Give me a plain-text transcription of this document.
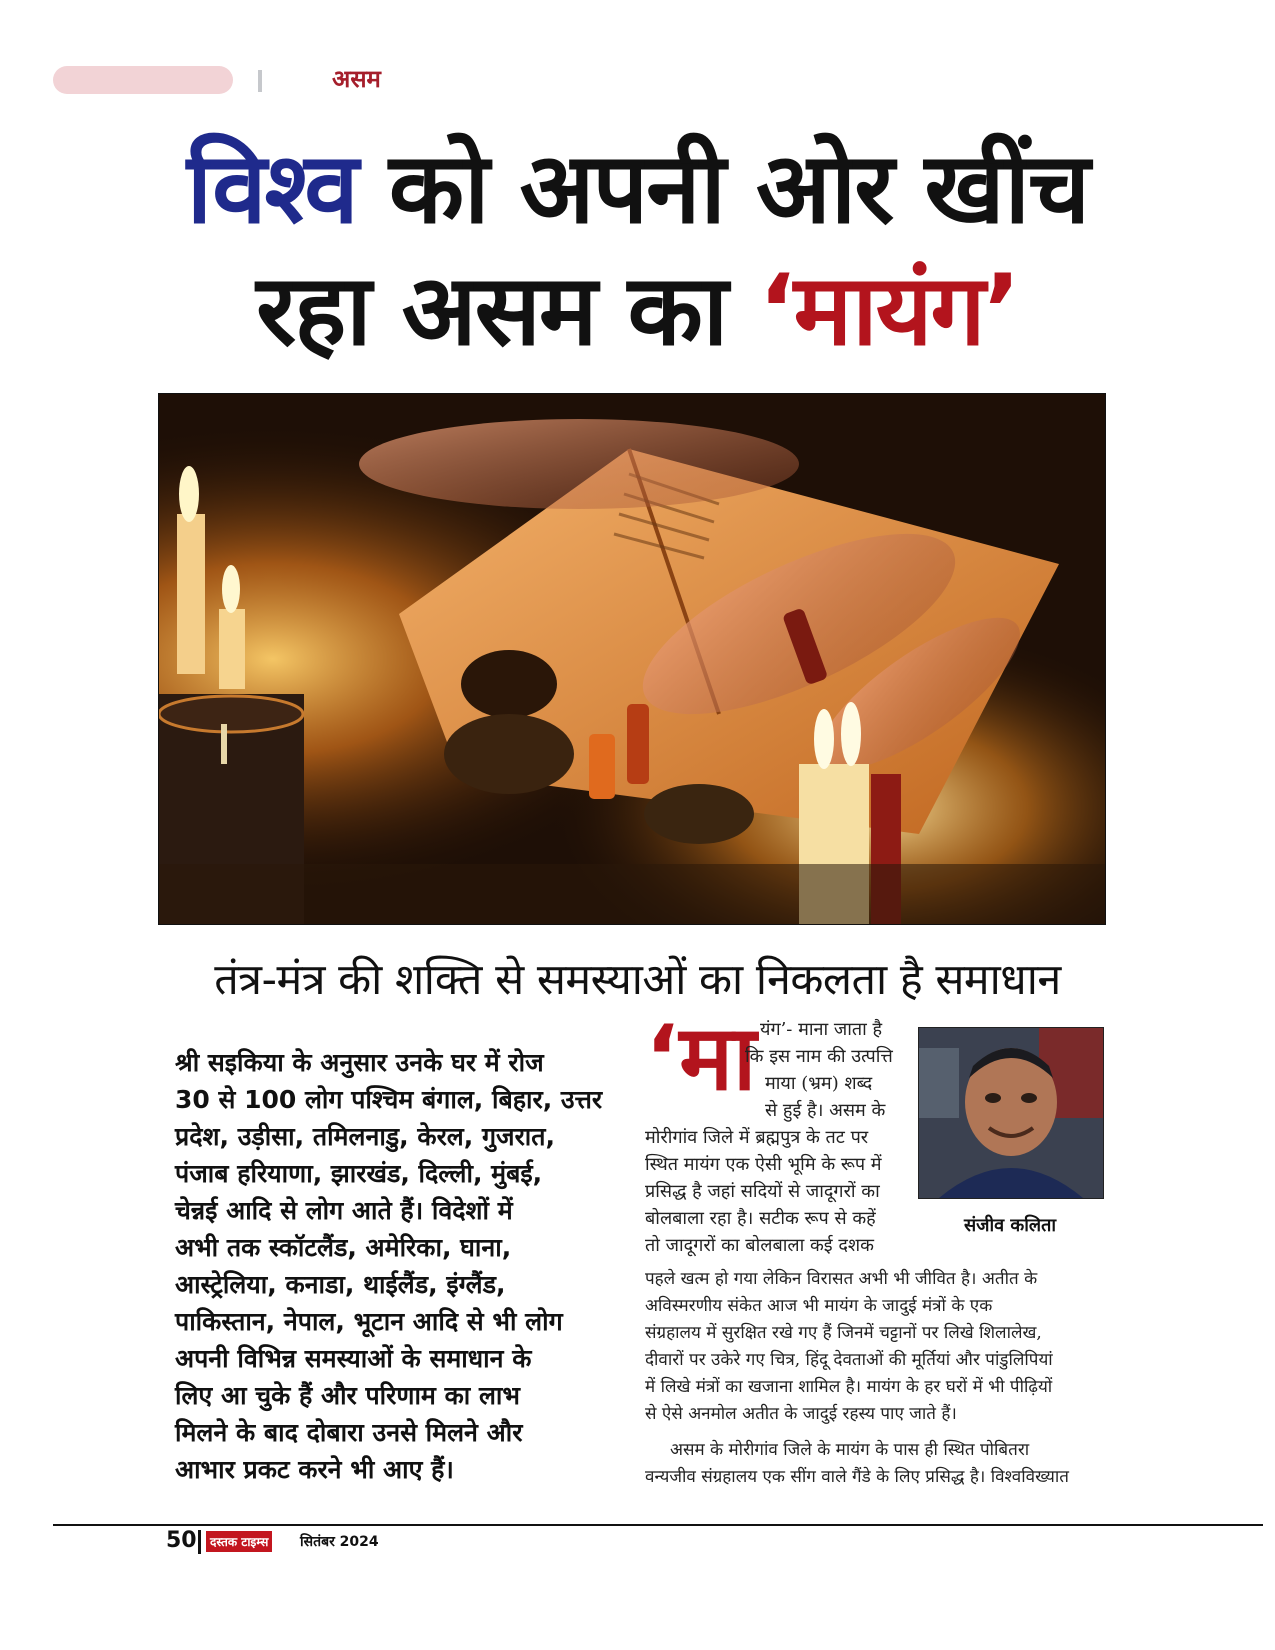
असम
विश्व को अपनी ओर खींच
रहा असम का ‘मायंग’
तंत्र-मंत्र की शक्ति से समस्याओं का निकलता है समाधान
श्री सइकिया के अनुसार उनके घर में रोज
30 से 100 लोग पश्चिम बंगाल, बिहार, उत्तर
प्रदेश, उड़ीसा, तमिलनाडु, केरल, गुजरात,
पंजाब हरियाणा, झारखंड, दिल्ली, मुंबई,
चेन्नई आदि से लोग आते हैं। विदेशों में
अभी तक स्कॉटलैंड, अमेरिका, घाना,
आस्ट्रेलिया, कनाडा, थाईलैंड, इंग्लैंड,
पाकिस्तान, नेपाल, भूटान आदि से भी लोग
अपनी विभिन्न समस्याओं के समाधान के
लिए आ चुके हैं और परिणाम का लाभ
मिलने के बाद दोबारा उनसे मिलने और
आभार प्रकट करने भी आए हैं।
‘मा यंग’- माना जाता है
कि इस नाम की उत्पत्ति
माया (भ्रम) शब्द
से हुई है। असम के
मोरीगांव जिले में ब्रह्मपुत्र के तट पर
स्थित मायंग एक ऐसी भूमि के रूप में
प्रसिद्ध है जहां सदियों से जादूगरों का
बोलबाला रहा है। सटीक रूप से कहें
तो जादूगरों का बोलबाला कई दशक
पहले खत्म हो गया लेकिन विरासत अभी भी जीवित है। अतीत के
अविस्मरणीय संकेत आज भी मायंग के जादुई मंत्रों के एक
संग्रहालय में सुरक्षित रखे गए हैं जिनमें चट्टानों पर लिखे शिलालेख,
दीवारों पर उकेरे गए चित्र, हिंदू देवताओं की मूर्तियां और पांडुलिपियां
में लिखे मंत्रों का खजाना शामिल है। मायंग के हर घरों में भी पीढ़ियों
से ऐसे अनमोल अतीत के जादुई रहस्य पाए जाते हैं।
असम के मोरीगांव जिले के मायंग के पास ही स्थित पोबितरा
वन्यजीव संग्रहालय एक सींग वाले गैंडे के लिए प्रसिद्ध है। विश्वविख्यात
संजीव कलिता
50	दस्तक टाइम्स सितंबर 2024
